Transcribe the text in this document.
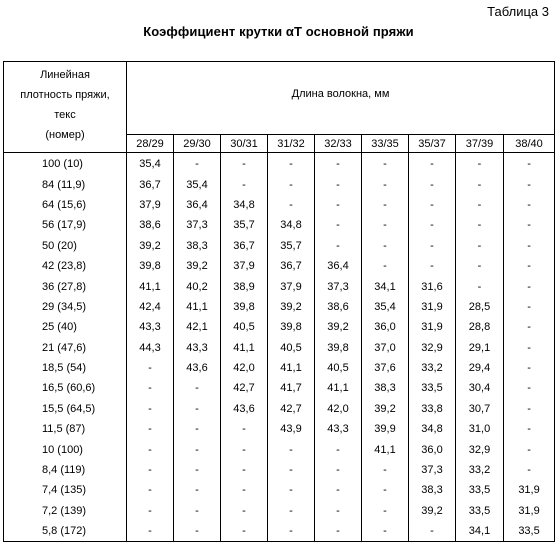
Таблица 3
Коэффициент крутки αT основной пряжи
Линейная
плотность пряжи,
текс
(номер)	Длина волокна, мм								
	28/29	29/30	30/31	31/32	32/33	33/35	35/37	37/39	38/40
100 (10)	35,4	-	-	-	-	-	-	-	-
84 (11,9)	36,7	35,4	-	-	-	-	-	-	-
64 (15,6)	37,9	36,4	34,8	-	-	-	-	-	-
56 (17,9)	38,6	37,3	35,7	34,8	-	-	-	-	-
50 (20)	39,2	38,3	36,7	35,7	-	-	-	-	-
42 (23,8)	39,8	39,2	37,9	36,7	36,4	-	-	-	-
36 (27,8)	41,1	40,2	38,9	37,9	37,3	34,1	31,6	-	-
29 (34,5)	42,4	41,1	39,8	39,2	38,6	35,4	31,9	28,5	-
25 (40)	43,3	42,1	40,5	39,8	39,2	36,0	31,9	28,8	-
21 (47,6)	44,3	43,3	41,1	40,5	39,8	37,0	32,9	29,1	-
18,5 (54)	-	43,6	42,0	41,1	40,5	37,6	33,2	29,4	-
16,5 (60,6)	-	-	42,7	41,7	41,1	38,3	33,5	30,4	-
15,5 (64,5)	-	-	43,6	42,7	42,0	39,2	33,8	30,7	-
11,5 (87)	-	-	-	43,9	43,3	39,9	34,8	31,0	-
10 (100)	-	-	-	-	-	41,1	36,0	32,9	-
8,4 (119)	-	-	-	-	-	-	37,3	33,2	-
7,4 (135)	-	-	-	-	-	-	38,3	33,5	31,9
7,2 (139)	-	-	-	-	-	-	39,2	33,5	31,9
5,8 (172)	-	-	-	-	-	-	-	34,1	33,5
